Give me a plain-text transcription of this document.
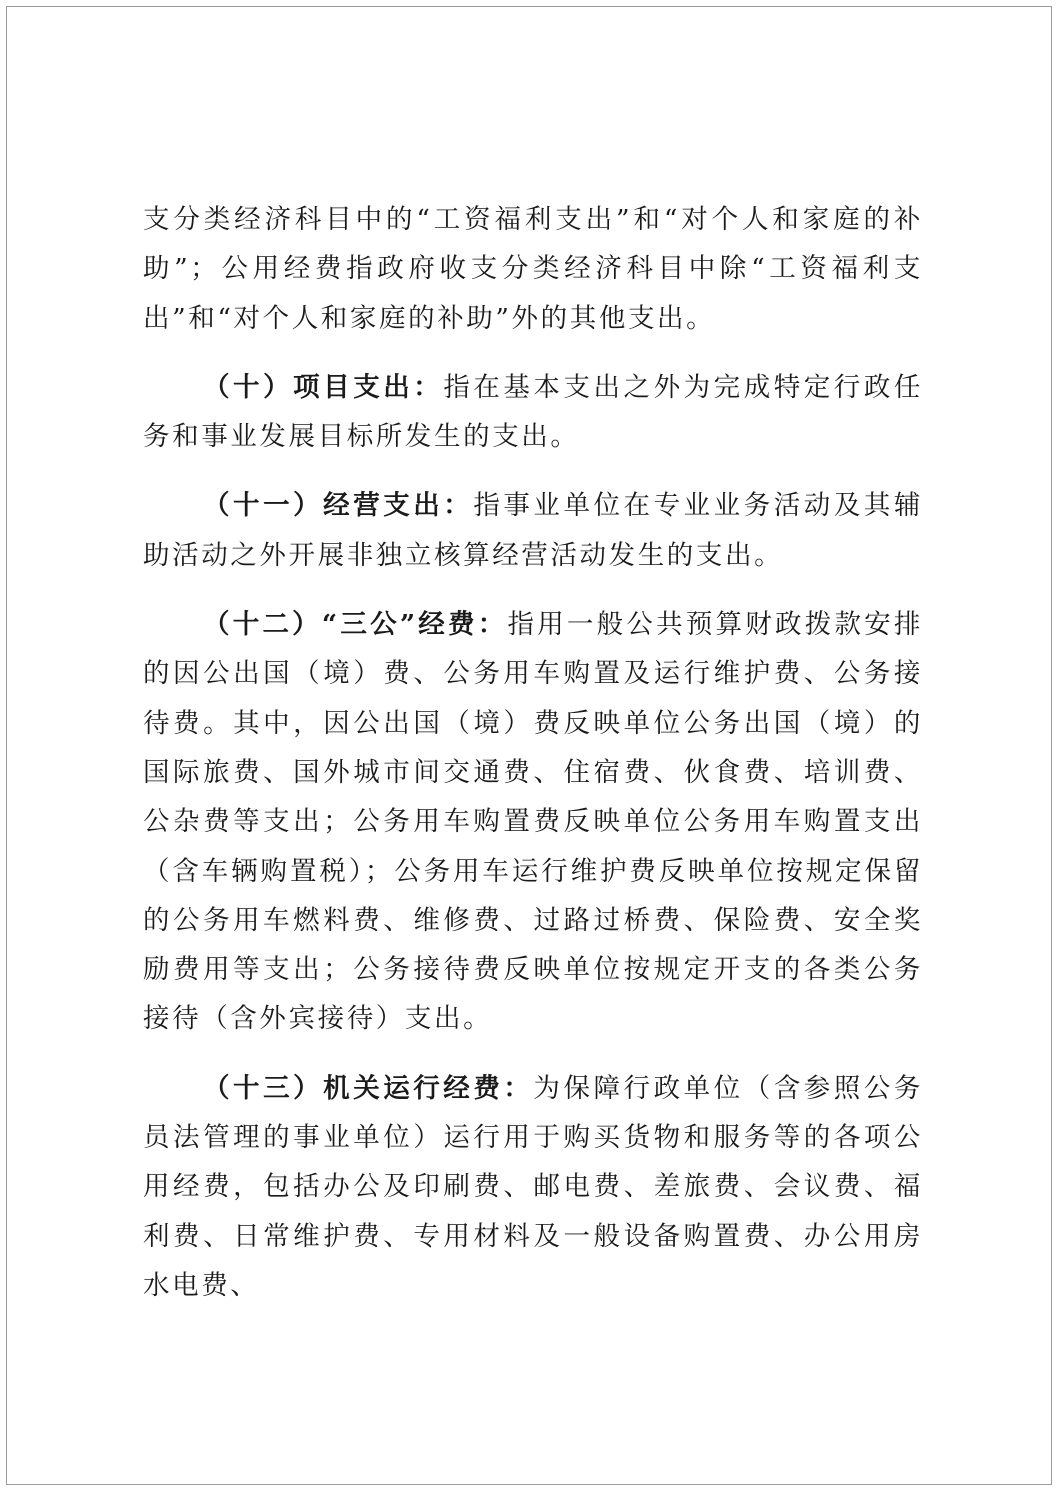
支分类经济科目中的“工资福利支出”和“对个人和家庭的补助”；公用经费指政府收支分类经济科目中除“工资福利支出”和“对个人和家庭的补助”外的其他支出。

（十）项目支出：指在基本支出之外为完成特定行政任务和事业发展目标所发生的支出。

（十一）经营支出：指事业单位在专业业务活动及其辅助活动之外开展非独立核算经营活动发生的支出。

（十二）“三公”经费：指用一般公共预算财政拨款安排的因公出国（境）费、公务用车购置及运行维护费、公务接待费。其中，因公出国（境）费反映单位公务出国（境）的国际旅费、国外城市间交通费、住宿费、伙食费、培训费、公杂费等支出；公务用车购置费反映单位公务用车购置支出（含车辆购置税）；公务用车运行维护费反映单位按规定保留的公务用车燃料费、维修费、过路过桥费、保险费、安全奖励费用等支出；公务接待费反映单位按规定开支的各类公务接待（含外宾接待）支出。

（十三）机关运行经费：为保障行政单位（含参照公务员法管理的事业单位）运行用于购买货物和服务等的各项公用经费，包括办公及印刷费、邮电费、差旅费、会议费、福利费、日常维护费、专用材料及一般设备购置费、办公用房水电费、
